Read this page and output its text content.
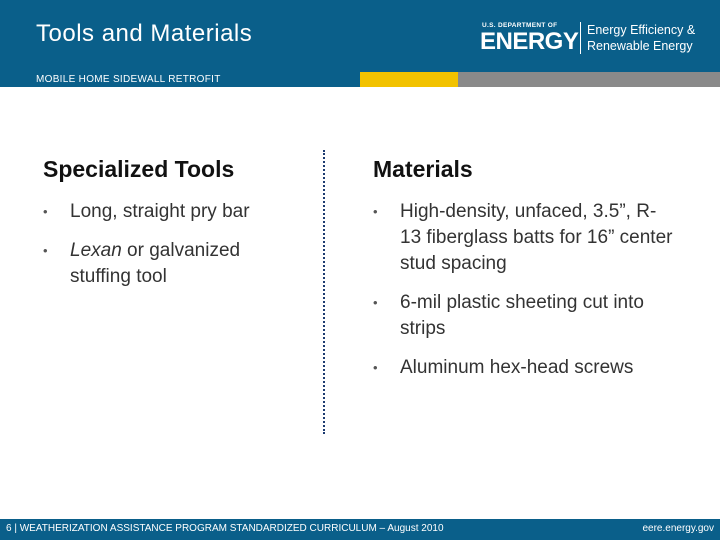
Tools and Materials	U.S. DEPARTMENT OF
ENERGY Energy Efficiency &
Renewable Energy
MOBILE HOME SIDEWALL RETROFIT
Specialized Tools
• Long, straight pry bar
• Lexan or galvanized stuffing tool
Materials
• High-density, unfaced, 3.5”, R-13 fiberglass batts for 16” center stud spacing
• 6-mil plastic sheeting cut into strips
• Aluminum hex-head screws
6 | WEATHERIZATION ASSISTANCE PROGRAM STANDARDIZED CURRICULUM – August 2010	eere.energy.gov
